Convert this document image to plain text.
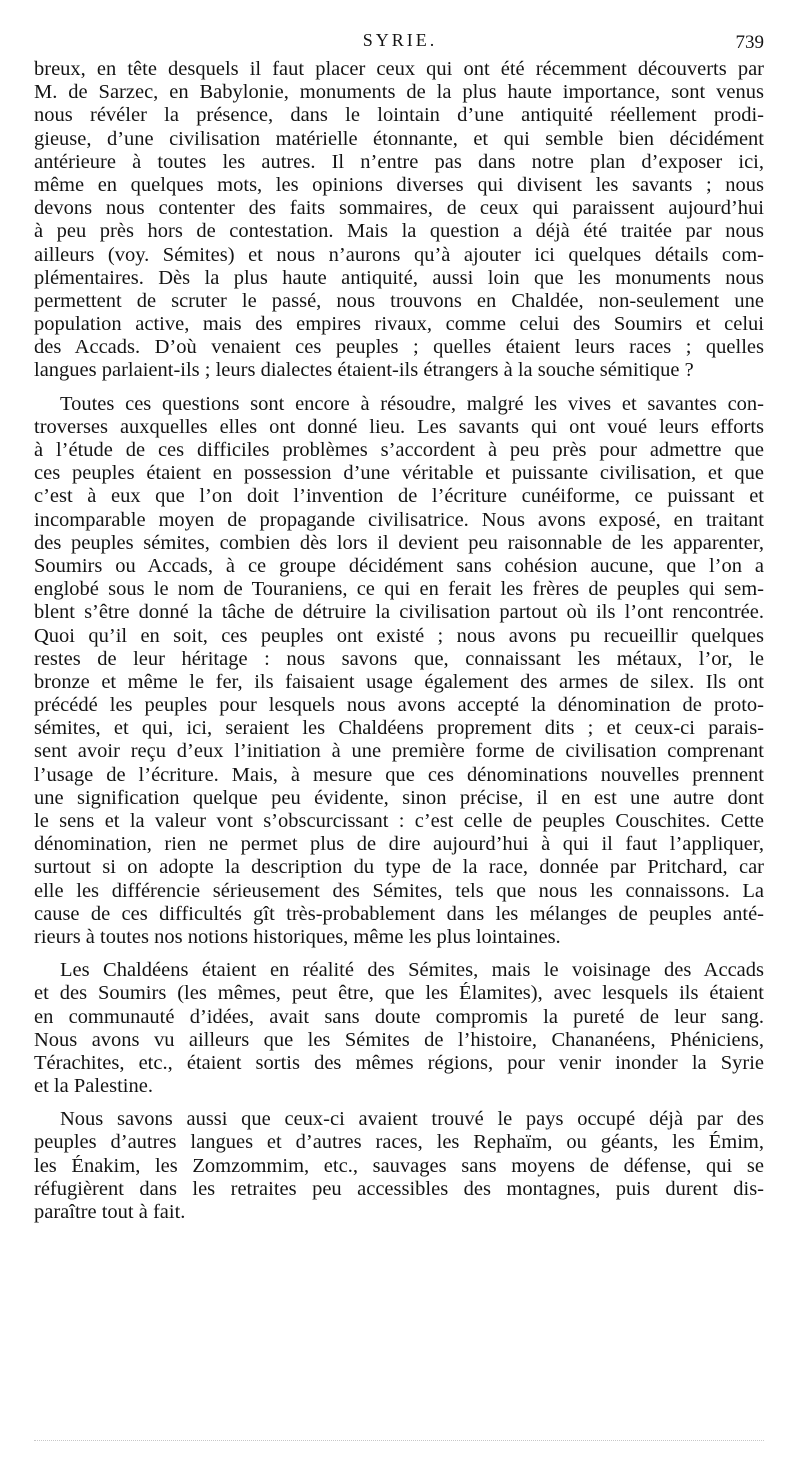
SYRIE.	739
breux, en tête desquels il faut placer ceux qui ont été récemment découverts par
M. de Sarzec, en Babylonie, monuments de la plus haute importance, sont venus
nous révéler la présence, dans le lointain d’une antiquité réellement prodi-
gieuse, d’une civilisation matérielle étonnante, et qui semble bien décidément
antérieure à toutes les autres. Il n’entre pas dans notre plan d’exposer ici,
même en quelques mots, les opinions diverses qui divisent les savants ; nous
devons nous contenter des faits sommaires, de ceux qui paraissent aujourd’hui
à peu près hors de contestation. Mais la question a déjà été traitée par nous
ailleurs (voy. Sémites) et nous n’aurons qu’à ajouter ici quelques détails com-
plémentaires. Dès la plus haute antiquité, aussi loin que les monuments nous
permettent de scruter le passé, nous trouvons en Chaldée, non-seulement une
population active, mais des empires rivaux, comme celui des Soumirs et celui
des Accads. D’où venaient ces peuples ; quelles étaient leurs races ; quelles
langues parlaient-ils ; leurs dialectes étaient-ils étrangers à la souche sémitique ?
Toutes ces questions sont encore à résoudre, malgré les vives et savantes con-
troverses auxquelles elles ont donné lieu. Les savants qui ont voué leurs efforts
à l’étude de ces difficiles problèmes s’accordent à peu près pour admettre que
ces peuples étaient en possession d’une véritable et puissante civilisation, et que
c’est à eux que l’on doit l’invention de l’écriture cunéiforme, ce puissant et
incomparable moyen de propagande civilisatrice. Nous avons exposé, en traitant
des peuples sémites, combien dès lors il devient peu raisonnable de les apparenter,
Soumirs ou Accads, à ce groupe décidément sans cohésion aucune, que l’on a
englobé sous le nom de Touraniens, ce qui en ferait les frères de peuples qui sem-
blent s’être donné la tâche de détruire la civilisation partout où ils l’ont rencontrée.
Quoi qu’il en soit, ces peuples ont existé ; nous avons pu recueillir quelques
restes de leur héritage : nous savons que, connaissant les métaux, l’or, le
bronze et même le fer, ils faisaient usage également des armes de silex. Ils ont
précédé les peuples pour lesquels nous avons accepté la dénomination de proto-
sémites, et qui, ici, seraient les Chaldéens proprement dits ; et ceux-ci parais-
sent avoir reçu d’eux l’initiation à une première forme de civilisation comprenant
l’usage de l’écriture. Mais, à mesure que ces dénominations nouvelles prennent
une signification quelque peu évidente, sinon précise, il en est une autre dont
le sens et la valeur vont s’obscurcissant : c’est celle de peuples Couschites. Cette
dénomination, rien ne permet plus de dire aujourd’hui à qui il faut l’appliquer,
surtout si on adopte la description du type de la race, donnée par Pritchard, car
elle les différencie sérieusement des Sémites, tels que nous les connaissons. La
cause de ces difficultés gît très-probablement dans les mélanges de peuples anté-
rieurs à toutes nos notions historiques, même les plus lointaines.
Les Chaldéens étaient en réalité des Sémites, mais le voisinage des Accads
et des Soumirs (les mêmes, peut être, que les Élamites), avec lesquels ils étaient
en communauté d’idées, avait sans doute compromis la pureté de leur sang.
Nous avons vu ailleurs que les Sémites de l’histoire, Chananéens, Phéniciens,
Térachites, etc., étaient sortis des mêmes régions, pour venir inonder la Syrie
et la Palestine.
Nous savons aussi que ceux-ci avaient trouvé le pays occupé déjà par des
peuples d’autres langues et d’autres races, les Rephaïm, ou géants, les Émim,
les Énakim, les Zomzommim, etc., sauvages sans moyens de défense, qui se
réfugièrent dans les retraites peu accessibles des montagnes, puis durent dis-
paraître tout à fait.
